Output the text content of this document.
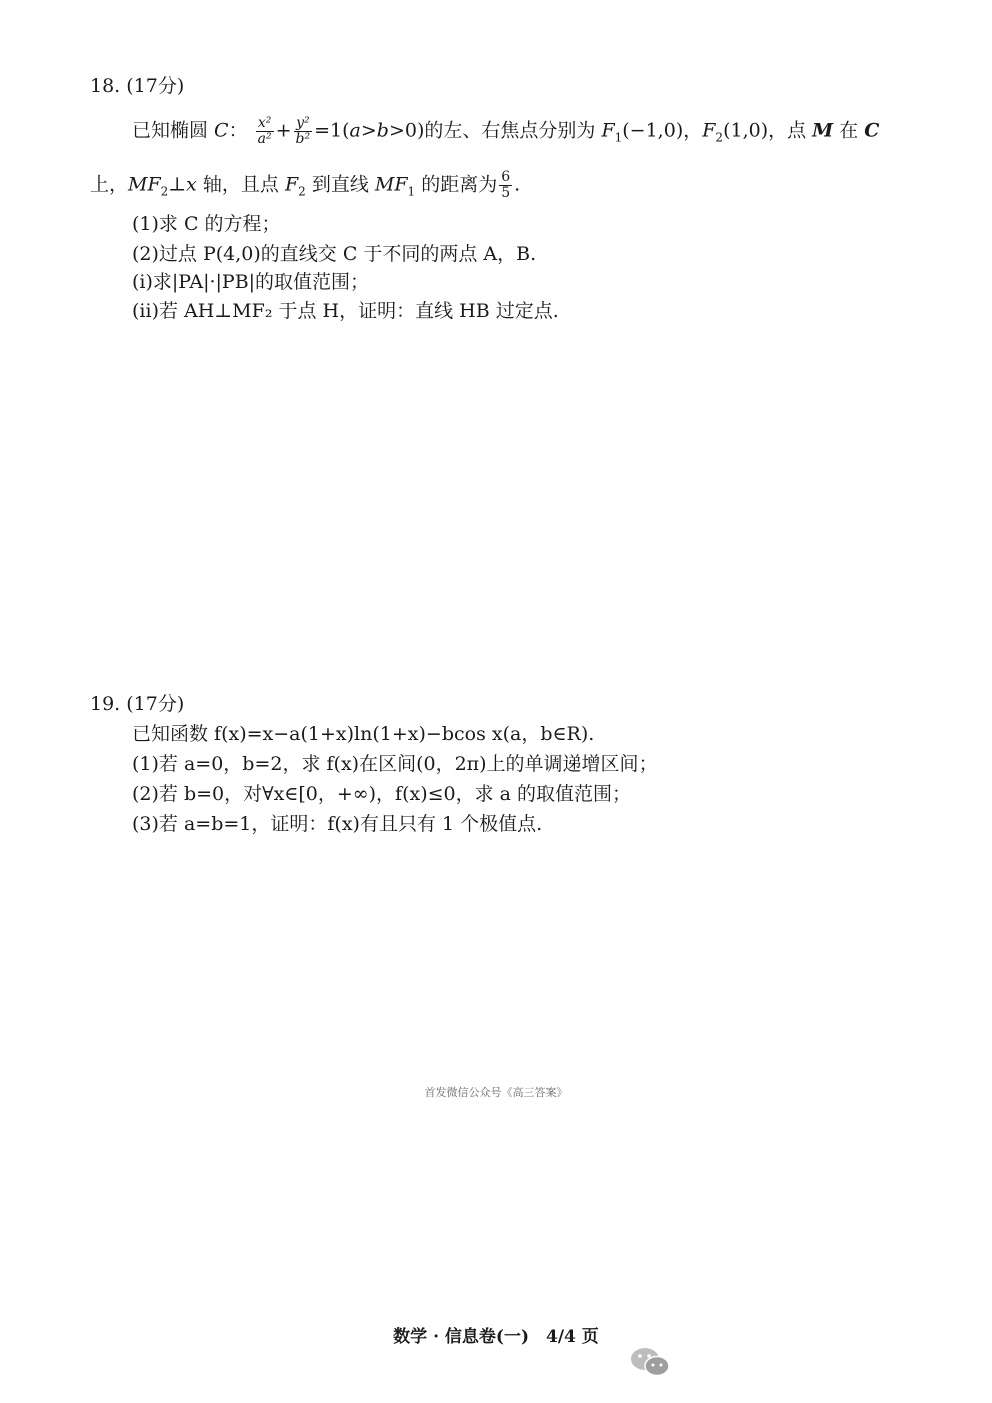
18. (17分)
已知椭圆 C： $\frac{\text{x²}}{\text{a²}} + \frac{\text{y²}}{\text{b²}} =1(a>b>0)$的左、右焦点分别为 $F_1(-1,0)$，$F_2(1,0)$，点 M 在 C
上，$MF_2\perp x$ 轴，且点 $F_2$ 到直线 $MF_1$ 的距离为 $\frac{6}{5}$ .
(1)求 C 的方程；
(2)过点 P(4,0)的直线交 C 于不同的两点 A，B.
(ⅰ)求|PA|·|PB|的取值范围；
(ⅱ)若 AH⊥MF₂ 于点 H，证明：直线 HB 过定点.
19. (17分)
已知函数 f(x)=x−a(1+x)ln(1+x)−bcos x(a，b∈R).
(1)若 a=0，b=2，求 f(x)在区间(0，2π)上的单调递增区间；
(2)若 b=0，对∀x∈[0，+∞)，f(x)≤0，求 a 的取值范围；
(3)若 a=b=1，证明：f(x)有且只有 1 个极值点.
首发微信公众号《高三答案》
数学 · 信息卷(一)　4/4 页
